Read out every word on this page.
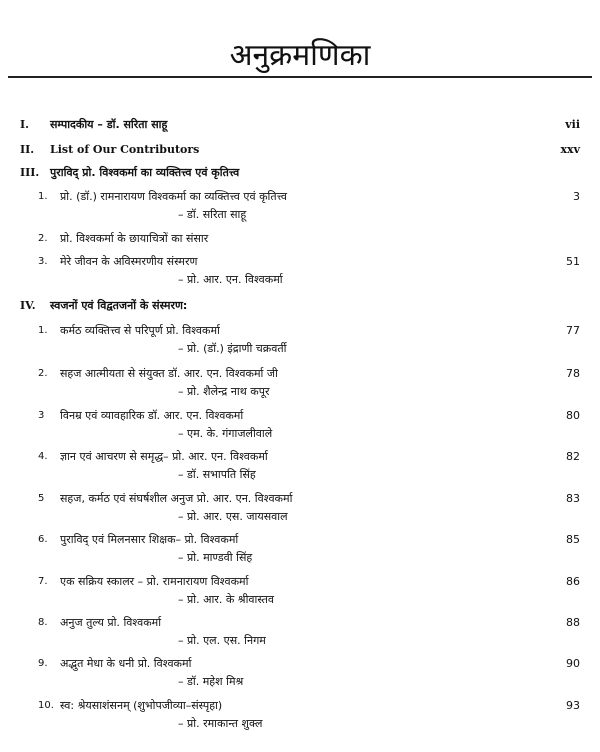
अनुक्रमणिका
I. सम्पादकीय – डॉ. सरिता साहू	vii
II. List of Our Contributors	xxv
III. पुराविद् प्रो. विश्वकर्मा का व्यक्तित्त्व एवं कृतित्त्व
1. प्रो. (डॉ.) रामनारायण विश्वकर्मा का व्यक्तित्त्व एवं कृतित्त्व	3
– डॉ. सरिता साहू
2. प्रो. विश्वकर्मा के छायाचित्रों का संसार
3. मेरे जीवन के अविस्मरणीय संस्मरण	51
– प्रो. आर. एन. विश्वकर्मा
IV. स्वजनों एवं विद्वतजनों के संस्मरण:
1. कर्मठ व्यक्तित्त्व से परिपूर्ण प्रो. विश्वकर्मा	77
– प्रो. (डॉ.) इंद्राणी चक्रवर्ती
2. सहज आत्मीयता से संयुक्त डॉ. आर. एन. विश्वकर्मा जी	78
– प्रो. शैलेन्द्र नाथ कपूर
3 विनम्र एवं व्यावहारिक डॉ. आर. एन. विश्वकर्मा	80
– एम. के. गंगाजलीवाले
4. ज्ञान एवं आचरण से समृद्ध– प्रो. आर. एन. विश्वकर्मा	82
– डॉ. सभापति सिंह
5 सहज, कर्मठ एवं संघर्षशील अनुज प्रो. आर. एन. विश्वकर्मा	83
– प्रो. आर. एस. जायसवाल
6. पुराविद् एवं मिलनसार शिक्षक– प्रो. विश्वकर्मा	85
– प्रो. माण्डवी सिंह
7. एक सक्रिय स्कालर – प्रो. रामनारायण विश्वकर्मा	86
– प्रो. आर. के श्रीवास्तव
8. अनुज तुल्य प्रो. विश्वकर्मा	88
– प्रो. एल. एस. निगम
9. अद्भुत मेधा के धनी प्रो. विश्वकर्मा	90
– डॉ. महेश मिश्र
10. स्व: श्रेयसाशंसनम् (शुभोपजीव्या–संस्पृहा)	93
– प्रो. रमाकान्त शुक्ल
